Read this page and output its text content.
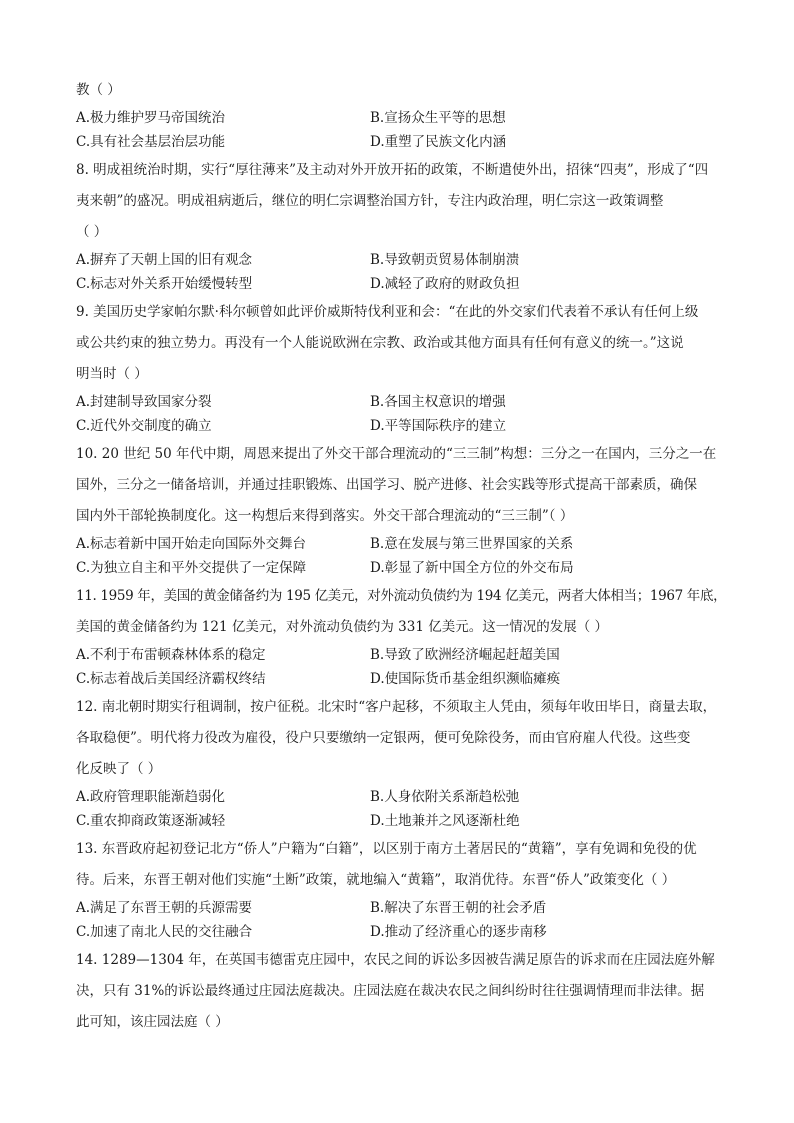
教（ ）
A.极力维护罗马帝国统治	B.宣扬众生平等的思想
C.具有社会基层治层功能	D.重塑了民族文化内涵
8. 明成祖统治时期，实行“厚往薄来”及主动对外开放开拓的政策，不断遣使外出，招徕“四夷”，形成了“四
夷来朝”的盛况。明成祖病逝后，继位的明仁宗调整治国方针，专注内政治理，明仁宗这一政策调整
（ ）
A.摒弃了天朝上国的旧有观念	B.导致朝贡贸易体制崩溃
C.标志对外关系开始缓慢转型	D.减轻了政府的财政负担
9. 美国历史学家帕尔默·科尔顿曾如此评价威斯特伐利亚和会：“在此的外交家们代表着不承认有任何上级
或公共约束的独立势力。再没有一个人能说欧洲在宗教、政治或其他方面具有任何有意义的统一。”这说
明当时（ ）
A.封建制导致国家分裂	B.各国主权意识的增强
C.近代外交制度的确立	D.平等国际秩序的建立
10. 20 世纪 50 年代中期，周恩来提出了外交干部合理流动的“三三制”构想：三分之一在国内，三分之一在
国外，三分之一储备培训，并通过挂职锻炼、出国学习、脱产进修、社会实践等形式提高干部素质，确保
国内外干部轮换制度化。这一构想后来得到落实。外交干部合理流动的“三三制”（ ）
A.标志着新中国开始走向国际外交舞台	B.意在发展与第三世界国家的关系
C.为独立自主和平外交提供了一定保障	D.彰显了新中国全方位的外交布局
11. 1959 年，美国的黄金储备约为 195 亿美元，对外流动负债约为 194 亿美元，两者大体相当；1967 年底，
美国的黄金储备约为 121 亿美元，对外流动负债约为 331 亿美元。这一情况的发展（ ）
A.不利于布雷顿森林体系的稳定	B.导致了欧洲经济崛起赶超美国
C.标志着战后美国经济霸权终结	D.使国际货币基金组织濒临瘫痪
12. 南北朝时期实行租调制，按户征税。北宋时“客户起移，不须取主人凭由，须每年收田毕日，商量去取，
各取稳便”。明代将力役改为雇役，役户只要缴纳一定银两，便可免除役务，而由官府雇人代役。这些变
化反映了（ ）
A.政府管理职能渐趋弱化	B.人身依附关系渐趋松弛
C.重农抑商政策逐渐减轻	D.土地兼并之风逐渐杜绝
13. 东晋政府起初登记北方“侨人”户籍为“白籍”，以区别于南方土著居民的“黄籍”，享有免调和免役的优
待。后来，东晋王朝对他们实施“土断”政策，就地编入“黄籍”，取消优待。东晋“侨人”政策变化（ ）
A.满足了东晋王朝的兵源需要	B.解决了东晋王朝的社会矛盾
C.加速了南北人民的交往融合	D.推动了经济重心的逐步南移
14. 1289—1304 年，在英国韦德雷克庄园中，农民之间的诉讼多因被告满足原告的诉求而在庄园法庭外解
决，只有 31%的诉讼最终通过庄园法庭裁决。庄园法庭在裁决农民之间纠纷时往往强调情理而非法律。据
此可知，该庄园法庭（ ）
